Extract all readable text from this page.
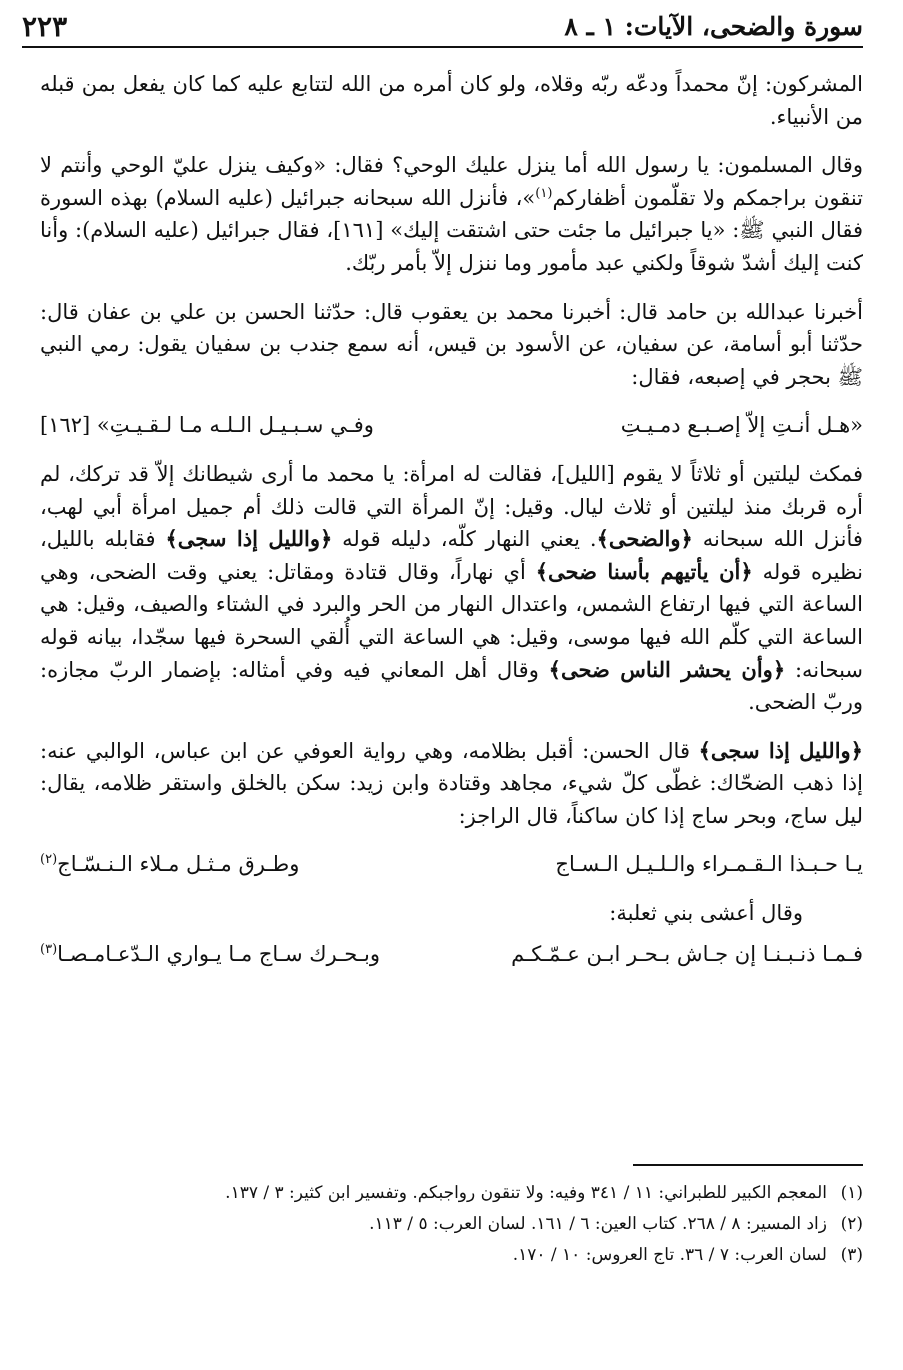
سورة والضحى، الآيات: ١ ـ ٨
٢٢٣

المشركون: إنّ محمداً ودعّه ربّه وقلاه، ولو كان أمره من الله لتتابع عليه كما كان يفعل بمن قبله من الأنبياء.

وقال المسلمون: يا رسول الله أما ينزل عليك الوحي؟ فقال: «وكيف ينزل عليّ الوحي وأنتم لا تنقون براجمكم ولا تقلّمون أظفاركم$^{(١)}$»، فأنزل الله سبحانه جبرائيل (عليه السلام) بهذه السورة فقال النبي ﷺ: «يا جبرائيل ما جئت حتى اشتقت إليك» [١٦١]، فقال جبرائيل (عليه السلام): وأنا كنت إليك أشدّ شوقاً ولكني عبد مأمور وما ننزل إلاّ بأمر ربّك.

أخبرنا عبدالله بن حامد قال: أخبرنا محمد بن يعقوب قال: حدّثنا الحسن بن علي بن عفان قال: حدّثنا أبو أسامة، عن سفيان، عن الأسود بن قيس، أنه سمع جندب بن سفيان يقول: رمي النبي ﷺ بحجر في إصبعه، فقال:

«هـل أنـتِ إلاّ إصـبـع دمـيـتِ
وفـي سـبـيـل الـلـه مـا لـقـيـتِ» [١٦٢]

فمكث ليلتين أو ثلاثاً لا يقوم [الليل]، فقالت له امرأة: يا محمد ما أرى شيطانك إلاّ قد تركك، لم أره قربك منذ ليلتين أو ثلاث ليال. وقيل: إنّ المرأة التي قالت ذلك أم جميل امرأة أبي لهب، فأنزل الله سبحانه ﴿والضحى﴾. يعني النهار كلّه، دليله قوله ﴿والليل إذا سجى﴾ فقابله بالليل، نظيره قوله ﴿أن يأتيهم بأسنا ضحى﴾ أي نهاراً، وقال قتادة ومقاتل: يعني وقت الضحى، وهي الساعة التي فيها ارتفاع الشمس، واعتدال النهار من الحر والبرد في الشتاء والصيف، وقيل: هي الساعة التي كلّم الله فيها موسى، وقيل: هي الساعة التي أُلقي السحرة فيها سجّدا، بيانه قوله سبحانه: ﴿وأن يحشر الناس ضحى﴾ وقال أهل المعاني فيه وفي أمثاله: بإضمار الربّ مجازه: وربّ الضحى.

﴿والليل إذا سجى﴾ قال الحسن: أقبل بظلامه، وهي رواية العوفي عن ابن عباس، الوالبي عنه: إذا ذهب الضحّاك: غطّى كلّ شيء، مجاهد وقتادة وابن زيد: سكن بالخلق واستقر ظلامه، يقال: ليل ساج، وبحر ساج إذا كان ساكناً، قال الراجز:

يـا حـبـذا الـقـمـراء والـلـيـل الـسـاج
وطـرق مـثـل مـلاء الـنـسّـاج$^{(٢)}$

وقال أعشى بني ثعلبة:

فـمـا ذنـبـنـا إن جـاش بـحـر ابـن عـمّـكـم
وبـحـرك سـاج مـا يـواري الـدّعـامـصـا$^{(٣)}$

(١)المعجم الكبير للطبراني: ١١ / ٣٤١ وفيه: ولا تنقون رواجبكم. وتفسير ابن كثير: ٣ / ١٣٧.

(٢)زاد المسير: ٨ / ٢٦٨. كتاب العين: ٦ / ١٦١. لسان العرب: ٥ / ١١٣.

(٣)لسان العرب: ٧ / ٣٦. تاج العروس: ١٠ / ١٧٠.
